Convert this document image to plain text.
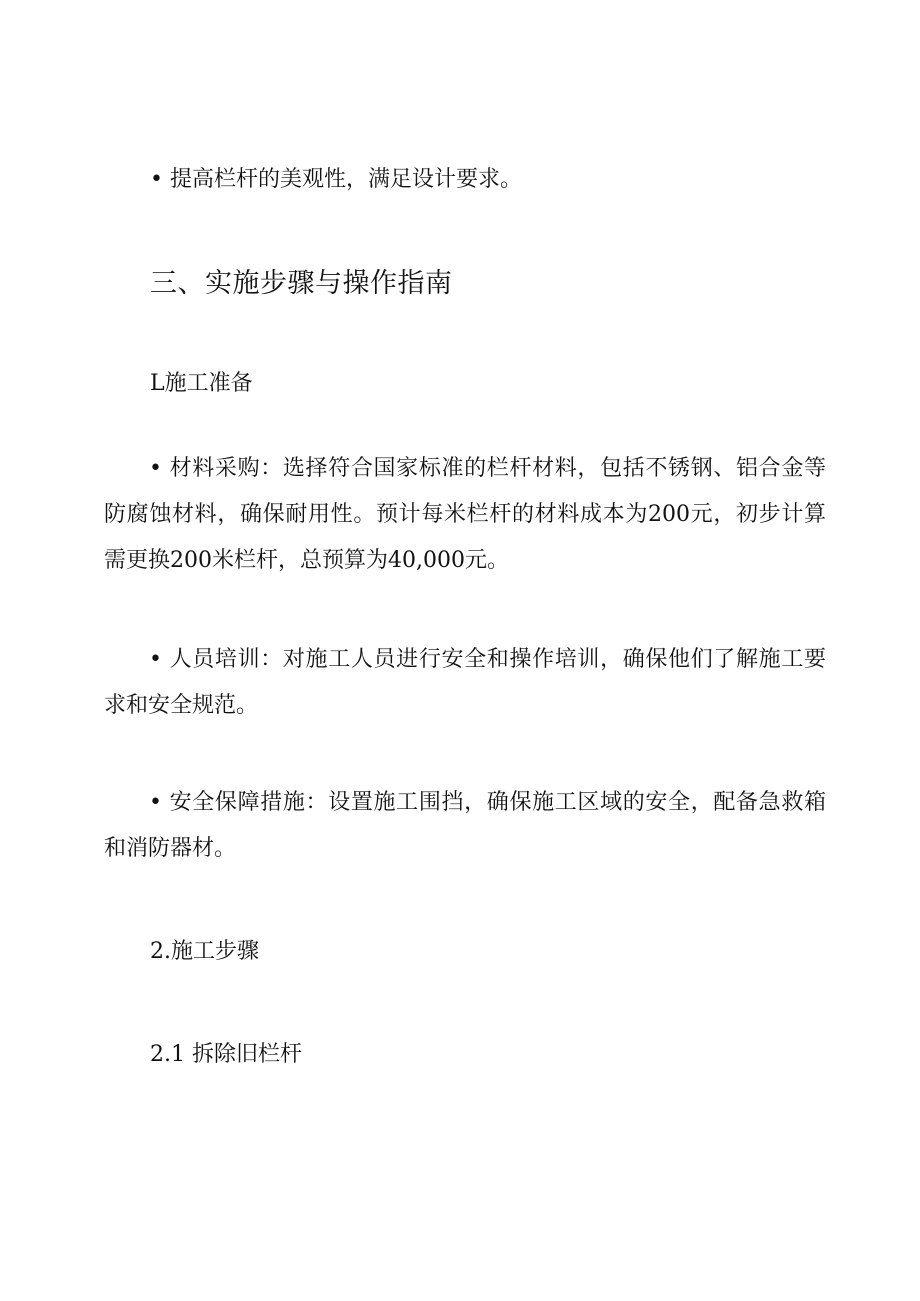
• 提高栏杆的美观性，满足设计要求。
三、实施步骤与操作指南
L施工准备
• 材料采购：选择符合国家标准的栏杆材料，包括不锈钢、铝合金等防腐蚀材料，确保耐用性。预计每米栏杆的材料成本为200元，初步计算需更换200米栏杆，总预算为40,000元。
• 人员培训：对施工人员进行安全和操作培训，确保他们了解施工要求和安全规范。
• 安全保障措施：设置施工围挡，确保施工区域的安全，配备急救箱和消防器材。
2.施工步骤
2.1 拆除旧栏杆
